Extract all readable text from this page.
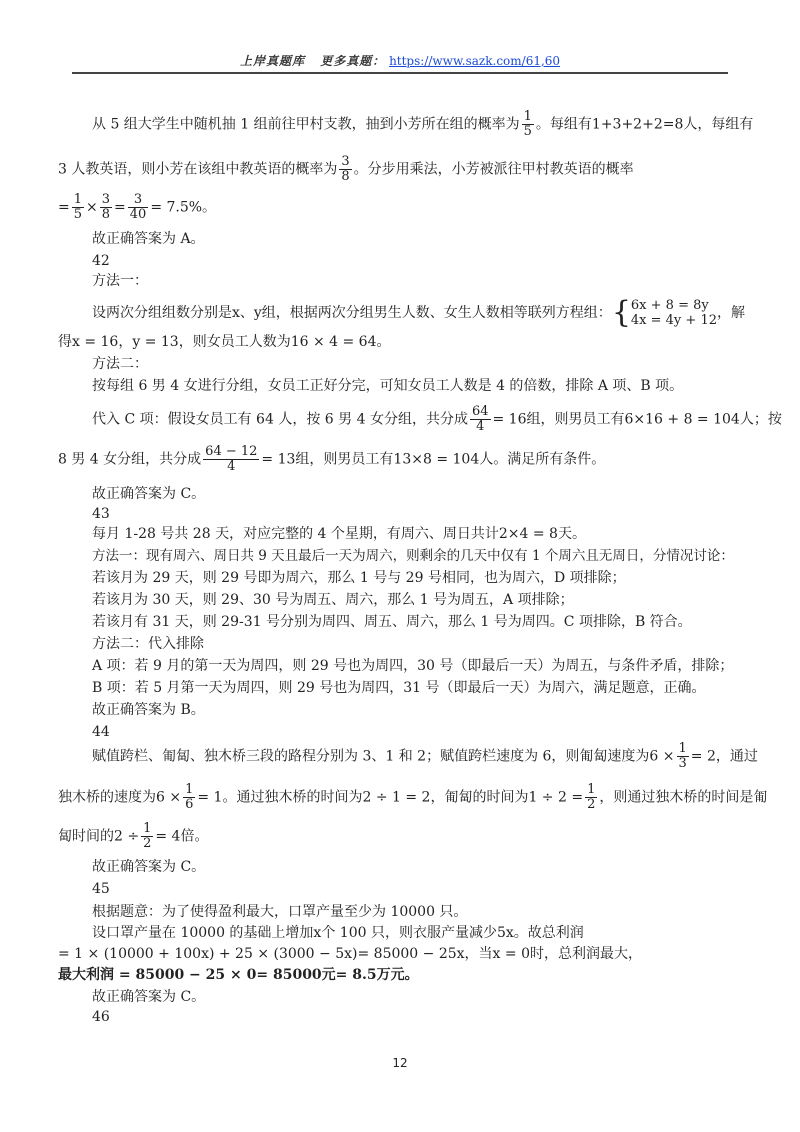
上岸真题库 更多真题： https://www.sazk.com/61,60
从 5 组大学生中随机抽 1 组前往甲村支教，抽到小芳所在组的概率为 $\frac{1}{5}$ 。每组有1+3+2+2=8人，每组有
3 人教英语，则小芳在该组中教英语的概率为 $\frac{3}{8}$ 。分步用乘法，小芳被派往甲村教英语的概率
= $\frac{1}{5} \times \frac{3}{8} = \frac{3}{40} = 7.5\%$。
故正确答案为 A。
42
方法一：
设两次分组组数分别是x、y组，根据两次分组男生人数、女生人数相等联列方程组：{ 6x + 8 = 8y
4x = 4y + 12 ，解
得x = 16，y = 13，则女员工人数为16 × 4 = 64。
方法二：
按每组 6 男 4 女进行分组，女员工正好分完，可知女员工人数是 4 的倍数，排除 A 项、B 项。
代入 C 项：假设女员工有 64 人，按 6 男 4 女分组，共分成 $\frac{64}{4} = 16$组，则男员工有6×16 + 8 = 104人；按
8 男 4 女分组，共分成 $\frac{64 - 12}{4} = 13$组，则男员工有13×8 = 104人。满足所有条件。
故正确答案为 C。
43
每月 1-28 号共 28 天，对应完整的 4 个星期，有周六、周日共计2×4 = 8天。
方法一：现有周六、周日共 9 天且最后一天为周六，则剩余的几天中仅有 1 个周六且无周日，分情况讨论：
若该月为 29 天，则 29 号即为周六，那么 1 号与 29 号相同，也为周六，D 项排除；
若该月为 30 天，则 29、30 号为周五、周六，那么 1 号为周五，A 项排除；
若该月有 31 天，则 29-31 号分别为周四、周五、周六，那么 1 号为周四。C 项排除，B 符合。
方法二：代入排除
A 项：若 9 月的第一天为周四，则 29 号也为周四，30 号（即最后一天）为周五，与条件矛盾，排除；
B 项：若 5 月第一天为周四，则 29 号也为周四，31 号（即最后一天）为周六，满足题意，正确。
故正确答案为 B。
44
赋值跨栏、匍匐、独木桥三段的路程分别为 3、1 和 2；赋值跨栏速度为 6，则匍匐速度为$6 \times \frac{1}{3} = 2$，通过
独木桥的速度为$6 \times \frac{1}{6} = 1$。通过独木桥的时间为2 ÷ 1 = 2，匍匐的时间为$1 \div 2 = \frac{1}{2}$ ，则通过独木桥的时间是匍
匐时间的$2 \div \frac{1}{2} = 4$倍。
故正确答案为 C。
45
根据题意：为了使得盈利最大，口罩产量至少为 10000 只。
设口罩产量在 10000 的基础上增加x个 100 只，则衣服产量减少5x。故总利润
= 1 × (10000 + 100x) + 25 × (3000 − 5x)= 85000 − 25x，当x = 0时，总利润最大，
最大利润 = 85000 − 25 × 0= 85000元= 8.5万元。
故正确答案为 C。
46
12
